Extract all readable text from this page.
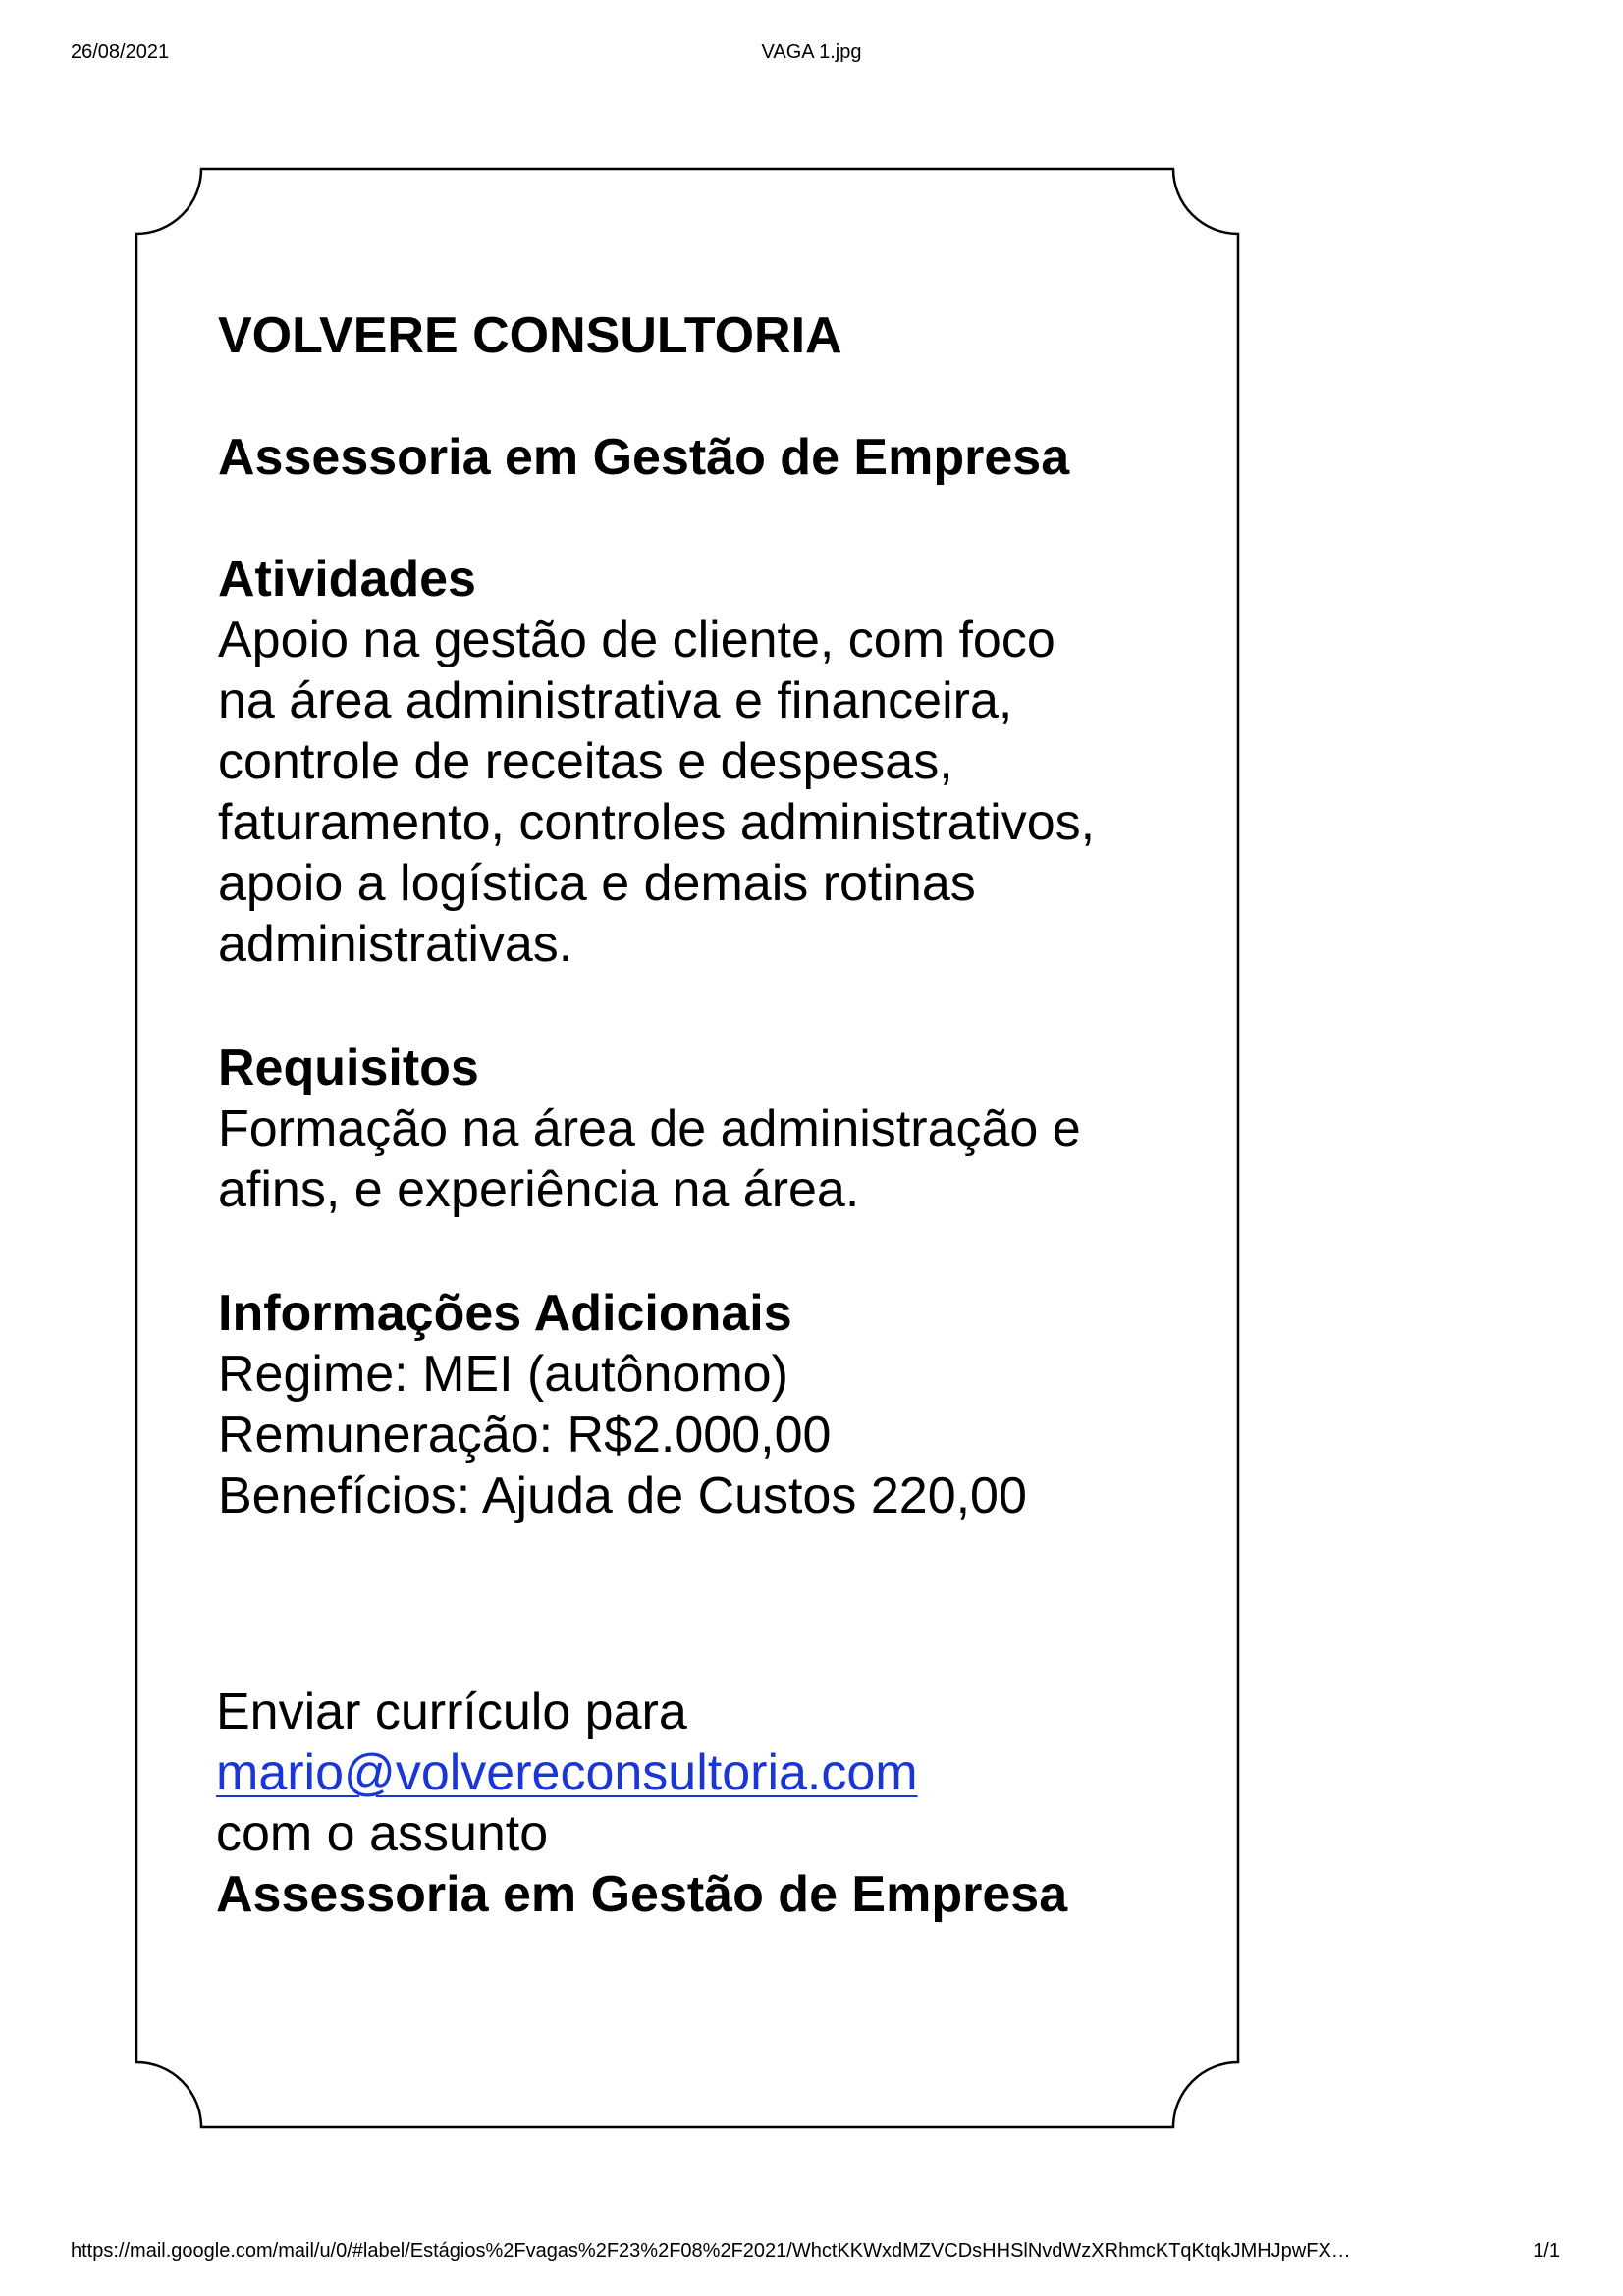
26/08/2021	VAGA 1.jpg
VOLVERE CONSULTORIA
Assessoria em Gestão de Empresa
Atividades
Apoio na gestão de cliente, com foco
na área administrativa e financeira,
controle de receitas e despesas,
faturamento, controles administrativos,
apoio a logística e demais rotinas
administrativas.
Requisitos
Formação na área de administração e
afins, e experiência na área.
Informações Adicionais
Regime: MEI (autônomo)
Remuneração: R$2.000,00
Benefícios: Ajuda de Custos 220,00
Enviar currículo para
mario@volvereconsultoria.com
com o assunto
Assessoria em Gestão de Empresa
https://mail.google.com/mail/u/0/#label/Estágios%2Fvagas%2F23%2F08%2F2021/WhctKKWxdMZVCDsHHSlNvdWzXRhmcKTqKtqkJMHJpwFX…	1/1
